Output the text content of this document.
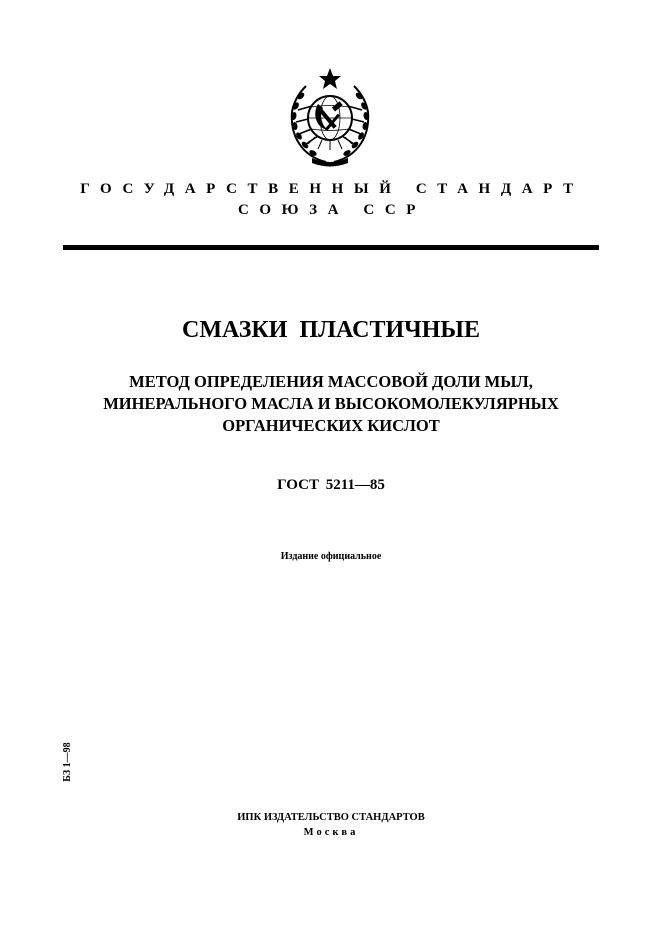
ГОСУДАРСТВЕННЫЙ СТАНДАРТ
СОЮЗА ССР
СМАЗКИ ПЛАСТИЧНЫЕ
МЕТОД ОПРЕДЕЛЕНИЯ МАССОВОЙ ДОЛИ МЫЛ,
МИНЕРАЛЬНОГО МАСЛА И ВЫСОКОМОЛЕКУЛЯРНЫХ
ОРГАНИЧЕСКИХ КИСЛОТ
ГОСТ 5211—85
Издание официальное
БЗ 1—98
ИПК ИЗДАТЕЛЬСТВО СТАНДАРТОВ
Москва
